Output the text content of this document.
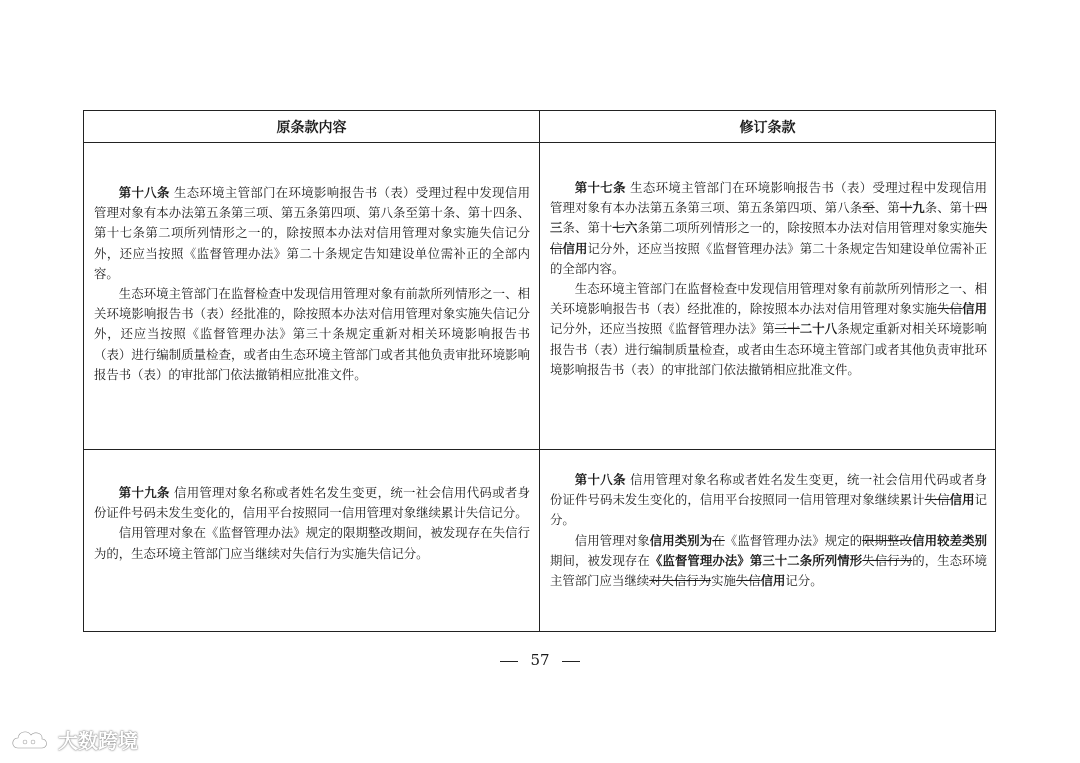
原条款内容	修订条款

第十八条 生态环境主管部门在环境影响报告书（表）受理过程中发现信用管理对象有本办法第五条第三项、第五条第四项、第八条至第十条、第十四条、第十七条第二项所列情形之一的，除按照本办法对信用管理对象实施失信记分外，还应当按照《监督管理办法》第二十条规定告知建设单位需补正的全部内容。

生态环境主管部门在监督检查中发现信用管理对象有前款所列情形之一、相关环境影响报告书（表）经批准的，除按照本办法对信用管理对象实施失信记分外，还应当按照《监督管理办法》第三十条规定重新对相关环境影响报告书（表）进行编制质量检查，或者由生态环境主管部门或者其他负责审批环境影响报告书（表）的审批部门依法撤销相应批准文件。

第十七条 生态环境主管部门在环境影响报告书（表）受理过程中发现信用管理对象有本办法第五条第三项、第五条第四项、第八条至、第十九条、第十四三条、第十七六条第二项所列情形之一的，除按照本办法对信用管理对象实施失信信用记分外，还应当按照《监督管理办法》第二十条规定告知建设单位需补正的全部内容。

生态环境主管部门在监督检查中发现信用管理对象有前款所列情形之一、相关环境影响报告书（表）经批准的，除按照本办法对信用管理对象实施失信信用记分外，还应当按照《监督管理办法》第三十二十八条规定重新对相关环境影响报告书（表）进行编制质量检查，或者由生态环境主管部门或者其他负责审批环境影响报告书（表）的审批部门依法撤销相应批准文件。

第十九条 信用管理对象名称或者姓名发生变更，统一社会信用代码或者身份证件号码未发生变化的，信用平台按照同一信用管理对象继续累计失信记分。

信用管理对象在《监督管理办法》规定的限期整改期间，被发现存在失信行为的，生态环境主管部门应当继续对失信行为实施失信记分。

第十八条 信用管理对象名称或者姓名发生变更，统一社会信用代码或者身份证件号码未发生变化的，信用平台按照同一信用管理对象继续累计失信信用记分。

信用管理对象信用类别为在《监督管理办法》规定的限期整改信用较差类别期间，被发现存在《监督管理办法》第三十二条所列情形失信行为的，生态环境主管部门应当继续对失信行为实施失信信用记分。

57
大数跨境
